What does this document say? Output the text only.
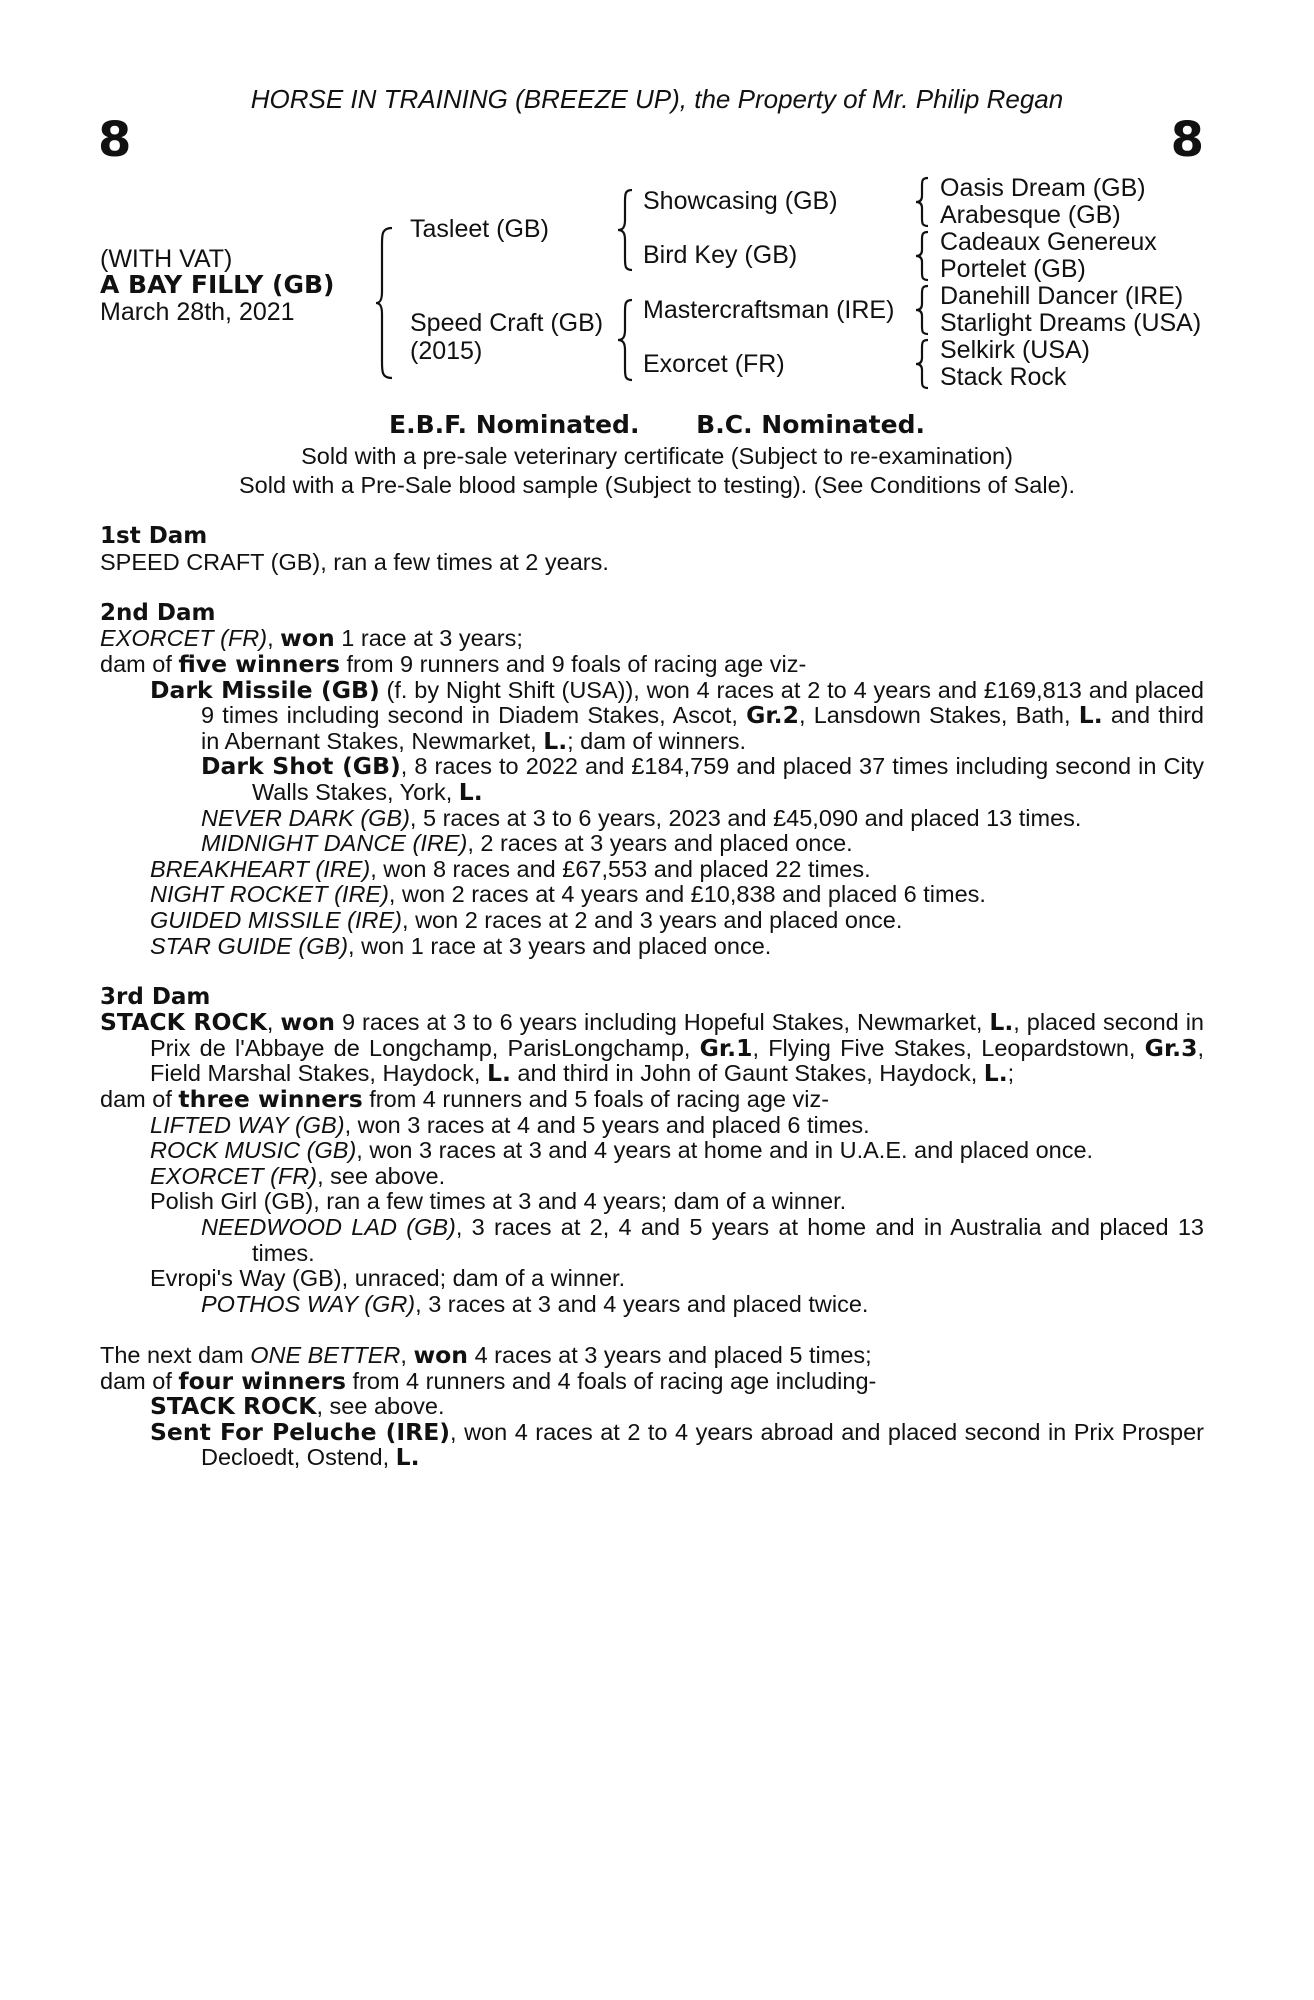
HORSE IN TRAINING (BREEZE UP), the Property of Mr. Philip Regan
8	8
(WITH VAT)
A BAY FILLY (GB)
March 28th, 2021
Tasleet (GB)
Speed Craft (GB)
(2015)
Showcasing (GB)
Bird Key (GB)
Mastercraftsman (IRE)
Exorcet (FR)
Oasis Dream (GB)
Arabesque (GB)
Cadeaux Genereux
Portelet (GB)
Danehill Dancer (IRE)
Starlight Dreams (USA)
Selkirk (USA)
Stack Rock
E.B.F. Nominated. B.C. Nominated.
Sold with a pre-sale veterinary certificate (Subject to re-examination)
Sold with a Pre-Sale blood sample (Subject to testing). (See Conditions of Sale).

1st Dam

SPEED CRAFT (GB), ran a few times at 2 years.

2nd Dam

EXORCET (FR), won 1 race at 3 years;

dam of five winners from 9 runners and 9 foals of racing age viz-

Dark Missile (GB) (f. by Night Shift (USA)), won 4 races at 2 to 4 years and £169,813 and placed 9 times including second in Diadem Stakes, Ascot, Gr.2, Lansdown Stakes, Bath, L. and third in Abernant Stakes, Newmarket, L.; dam of winners.

Dark Shot (GB), 8 races to 2022 and £184,759 and placed 37 times including second in City Walls Stakes, York, L.

NEVER DARK (GB), 5 races at 3 to 6 years, 2023 and £45,090 and placed 13 times.

MIDNIGHT DANCE (IRE), 2 races at 3 years and placed once.

BREAKHEART (IRE), won 8 races and £67,553 and placed 22 times.

NIGHT ROCKET (IRE), won 2 races at 4 years and £10,838 and placed 6 times.

GUIDED MISSILE (IRE), won 2 races at 2 and 3 years and placed once.

STAR GUIDE (GB), won 1 race at 3 years and placed once.

3rd Dam

STACK ROCK, won 9 races at 3 to 6 years including Hopeful Stakes, Newmarket, L., placed second in Prix de l'Abbaye de Longchamp, ParisLongchamp, Gr.1, Flying Five Stakes, Leopardstown, Gr.3, Field Marshal Stakes, Haydock, L. and third in John of Gaunt Stakes, Haydock, L.;

dam of three winners from 4 runners and 5 foals of racing age viz-

LIFTED WAY (GB), won 3 races at 4 and 5 years and placed 6 times.

ROCK MUSIC (GB), won 3 races at 3 and 4 years at home and in U.A.E. and placed once.

EXORCET (FR), see above.

Polish Girl (GB), ran a few times at 3 and 4 years; dam of a winner.

NEEDWOOD LAD (GB), 3 races at 2, 4 and 5 years at home and in Australia and placed 13 times.

Evropi's Way (GB), unraced; dam of a winner.

POTHOS WAY (GR), 3 races at 3 and 4 years and placed twice.

The next dam ONE BETTER, won 4 races at 3 years and placed 5 times;

dam of four winners from 4 runners and 4 foals of racing age including-

STACK ROCK, see above.

Sent For Peluche (IRE), won 4 races at 2 to 4 years abroad and placed second in Prix Prosper Decloedt, Ostend, L.
